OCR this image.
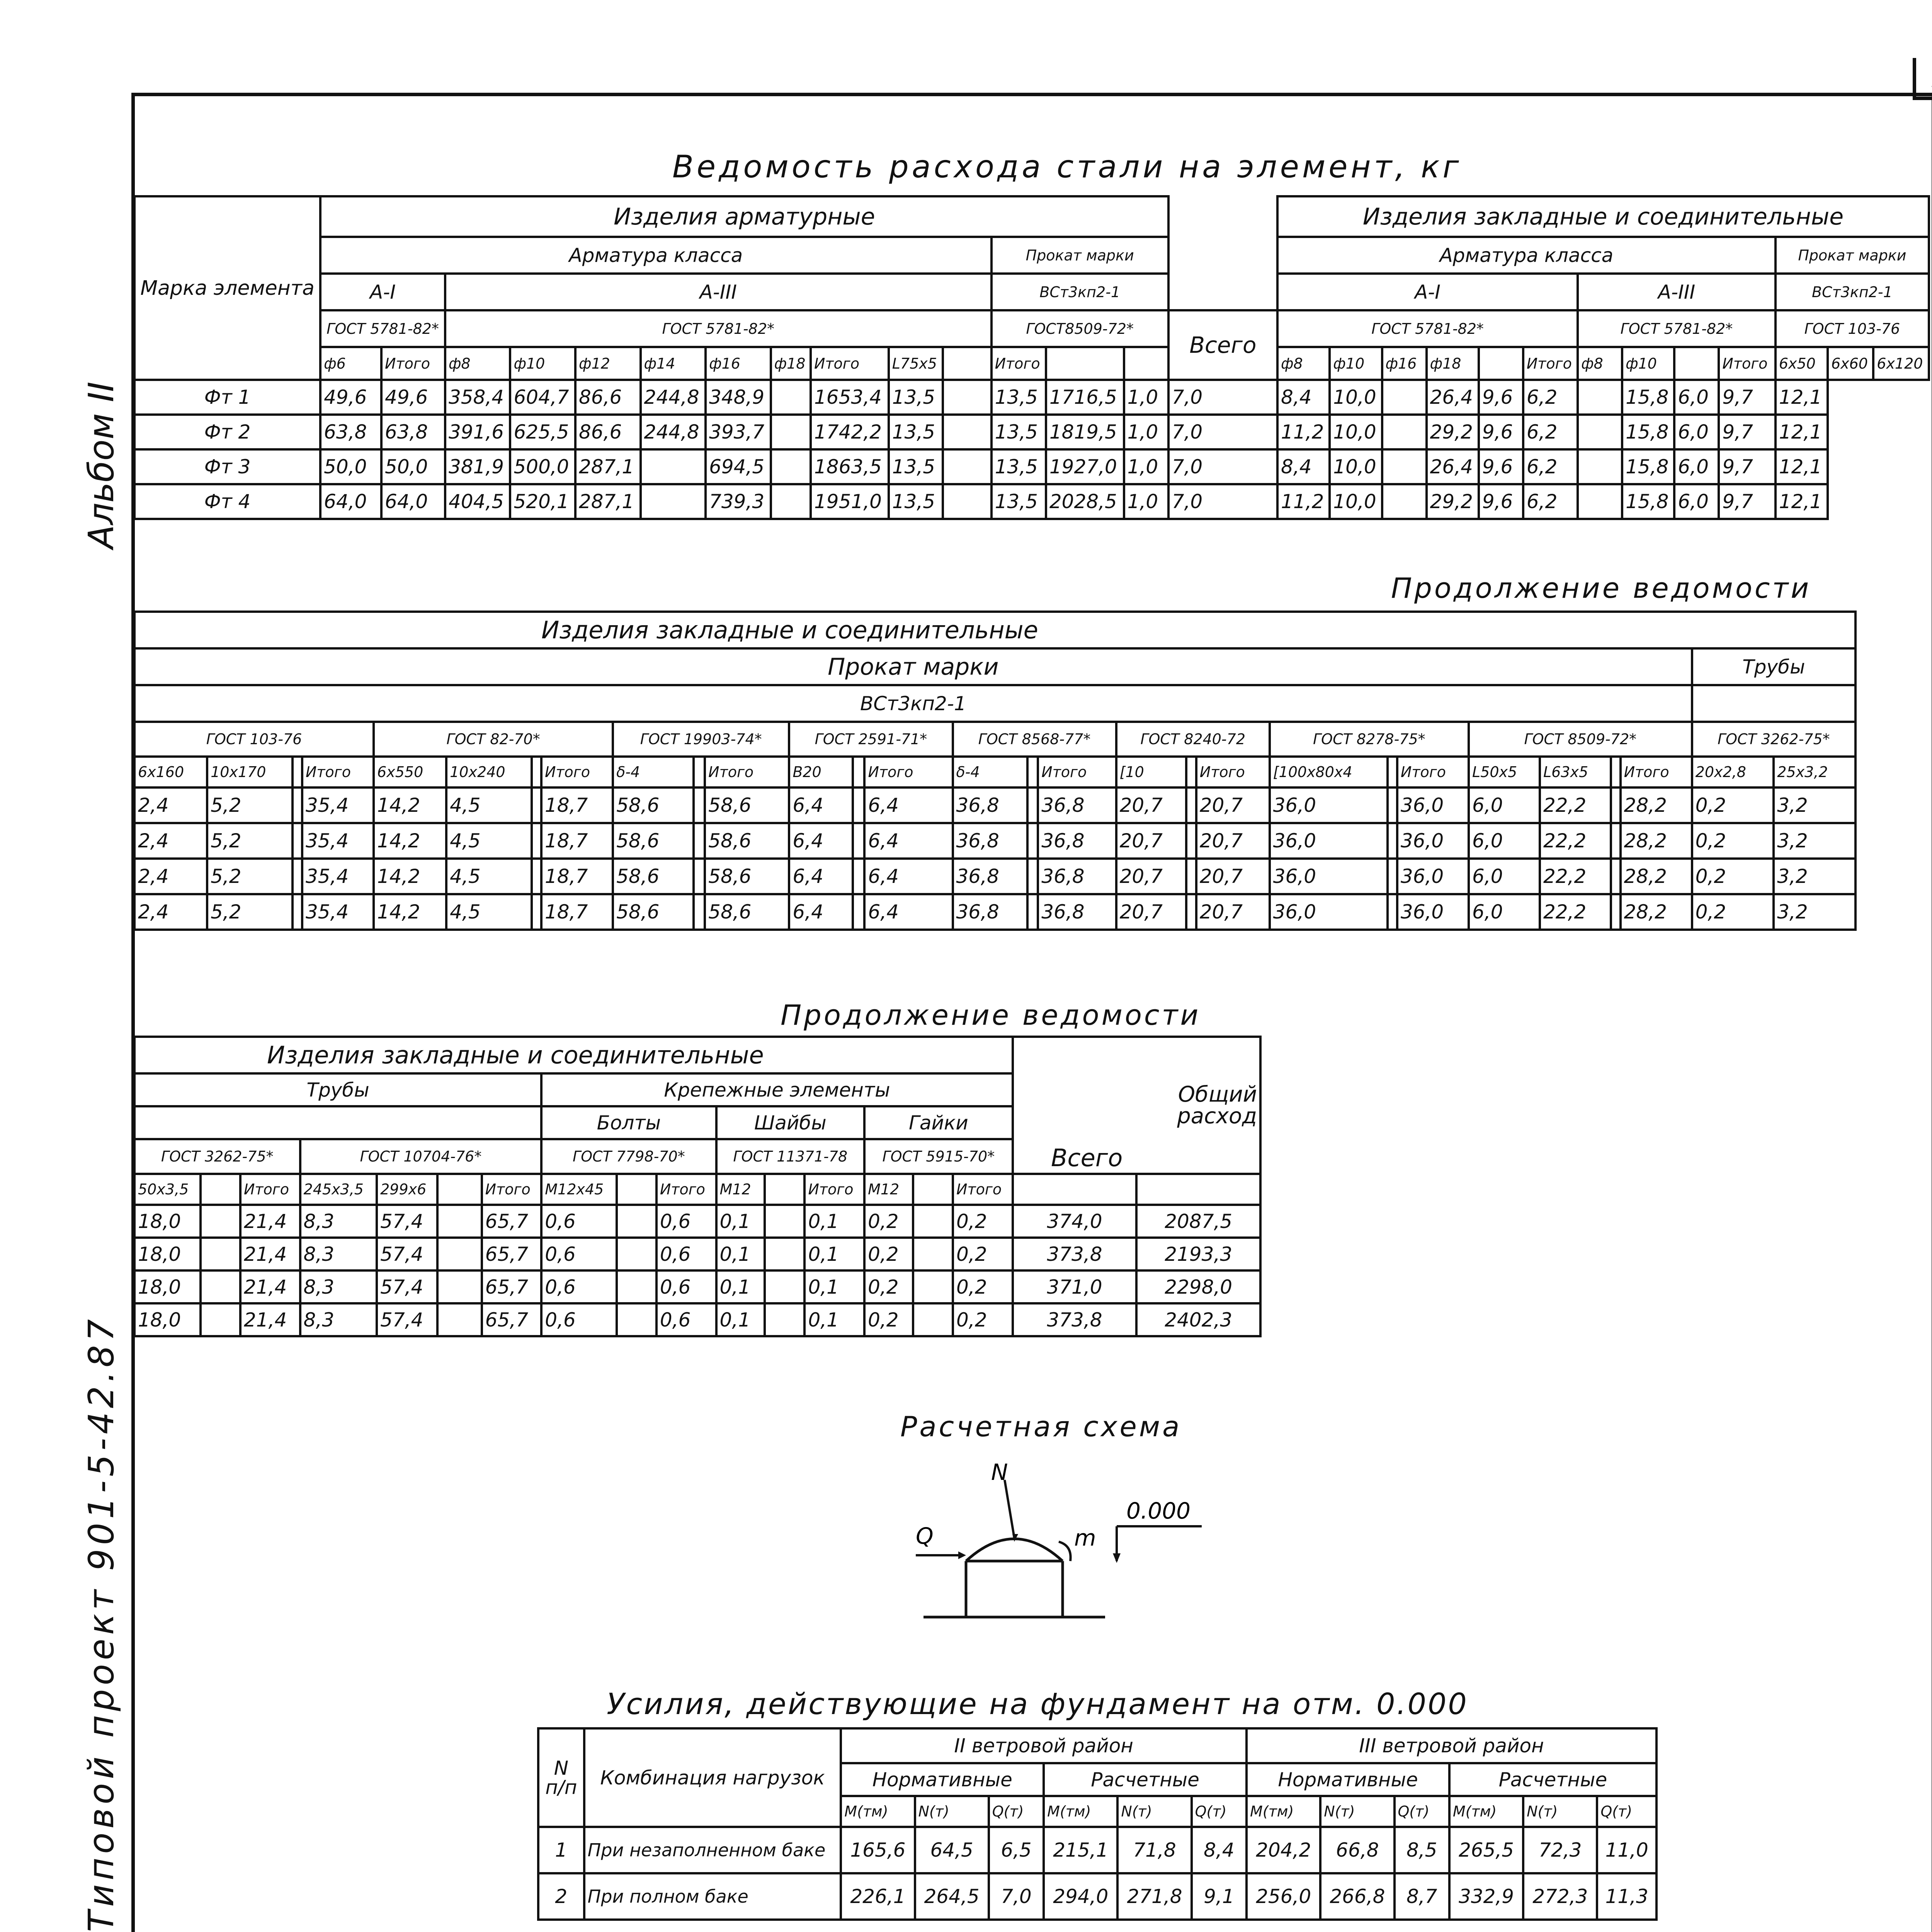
Альбом II
Типовой проект 901-5-42.87
Ведомость расхода стали на элемент, кг
Марка элемента	Изделия арматурные															Изделия закладные и соединительные												
	Арматура класса											Прокат марки				Арматура класса										Прокат марки		
	А-I		А-III									ВСт3кп2-1				А-I						А-III				ВСт3кп2-1		
	ГОСТ 5781-82*		ГОСТ 5781-82*									ГОСТ8509-72*			Всего	ГОСТ 5781-82*						ГОСТ 5781-82*				ГОСТ 103-76		
	ф6	Итого	ф8	ф10	ф12	ф14	ф16	ф18	Итого	L75х5		Итого				ф8	ф10	ф16	ф18		Итого	ф8	ф10		Итого	6х50	6х60	6х120
Фт 1	49,6	49,6	358,4	604,7	86,6	244,8	348,9		1653,4	13,5		13,5	1716,5	1,0	7,0	8,4	10,0		26,4	9,6	6,2		15,8	6,0	9,7	12,1		
Фт 2	63,8	63,8	391,6	625,5	86,6	244,8	393,7		1742,2	13,5		13,5	1819,5	1,0	7,0	11,2	10,0		29,2	9,6	6,2		15,8	6,0	9,7	12,1		
Фт 3	50,0	50,0	381,9	500,0	287,1		694,5		1863,5	13,5		13,5	1927,0	1,0	7,0	8,4	10,0		26,4	9,6	6,2		15,8	6,0	9,7	12,1		
Фт 4	64,0	64,0	404,5	520,1	287,1		739,3		1951,0	13,5		13,5	2028,5	1,0	7,0	11,2	10,0		29,2	9,6	6,2		15,8	6,0	9,7	12,1		
Продолжение ведомости
Изделия закладные и соединительные																												
Прокат марки																											Трубы	
ВСт3кп2-1																												
ГОСТ 103-76				ГОСТ 82-70*				ГОСТ 19903-74*			ГОСТ 2591-71*			ГОСТ 8568-77*			ГОСТ 8240-72			ГОСТ 8278-75*			ГОСТ 8509-72*				ГОСТ 3262-75*	
6х160	10х170		Итого	6х550	10х240		Итого	δ-4		Итого	B20		Итого	δ-4		Итого	[10		Итого	[100х80х4		Итого	L50х5	L63х5		Итого	20х2,8	25х3,2
2,4	5,2		35,4	14,2	4,5		18,7	58,6		58,6	6,4		6,4	36,8		36,8	20,7		20,7	36,0		36,0	6,0	22,2		28,2	0,2	3,2
2,4	5,2		35,4	14,2	4,5		18,7	58,6		58,6	6,4		6,4	36,8		36,8	20,7		20,7	36,0		36,0	6,0	22,2		28,2	0,2	3,2
2,4	5,2		35,4	14,2	4,5		18,7	58,6		58,6	6,4		6,4	36,8		36,8	20,7		20,7	36,0		36,0	6,0	22,2		28,2	0,2	3,2
2,4	5,2		35,4	14,2	4,5		18,7	58,6		58,6	6,4		6,4	36,8		36,8	20,7		20,7	36,0		36,0	6,0	22,2		28,2	0,2	3,2
Продолжение ведомости
Изделия закладные и соединительные																Общий расход	
Трубы							Крепежные элементы										
							Болты			Шайбы			Гайки				
ГОСТ 3262-75*			ГОСТ 10704-76*				ГОСТ 7798-70*			ГОСТ 11371-78			ГОСТ 5915-70*				
50х3,5		Итого	245х3,5	299х6		Итого	М12х45		Итого	М12		Итого	М12		Итого		
18,0		21,4	8,3	57,4		65,7	0,6		0,6	0,1		0,1	0,2		0,2	374,0	2087,5
18,0		21,4	8,3	57,4		65,7	0,6		0,6	0,1		0,1	0,2		0,2	373,8	2193,3
18,0		21,4	8,3	57,4		65,7	0,6		0,6	0,1		0,1	0,2		0,2	371,0	2298,0
18,0		21,4	8,3	57,4		65,7	0,6		0,6	0,1		0,1	0,2		0,2	373,8	2402,3
Всего
Расчетная схема
N
Q	m
0.000
Усилия, действующие на фундамент на отм. 0.000
N п/п	Комбинация нагрузок	II ветровой район						III ветровой район					
		Нормативные			Расчетные			Нормативные			Расчетные		
		M(тм)	N(т)	Q(т)	M(тм)	N(т)	Q(т)	M(тм)	N(т)	Q(т)	M(тм)	N(т)	Q(т)
1	При незаполненном баке	165,6	64,5	6,5	215,1	71,8	8,4	204,2	66,8	8,5	265,5	72,3	11,0
2	При полном баке	226,1	264,5	7,0	294,0	271,8	9,1	256,0	266,8	8,7	332,9	272,3	11,3
